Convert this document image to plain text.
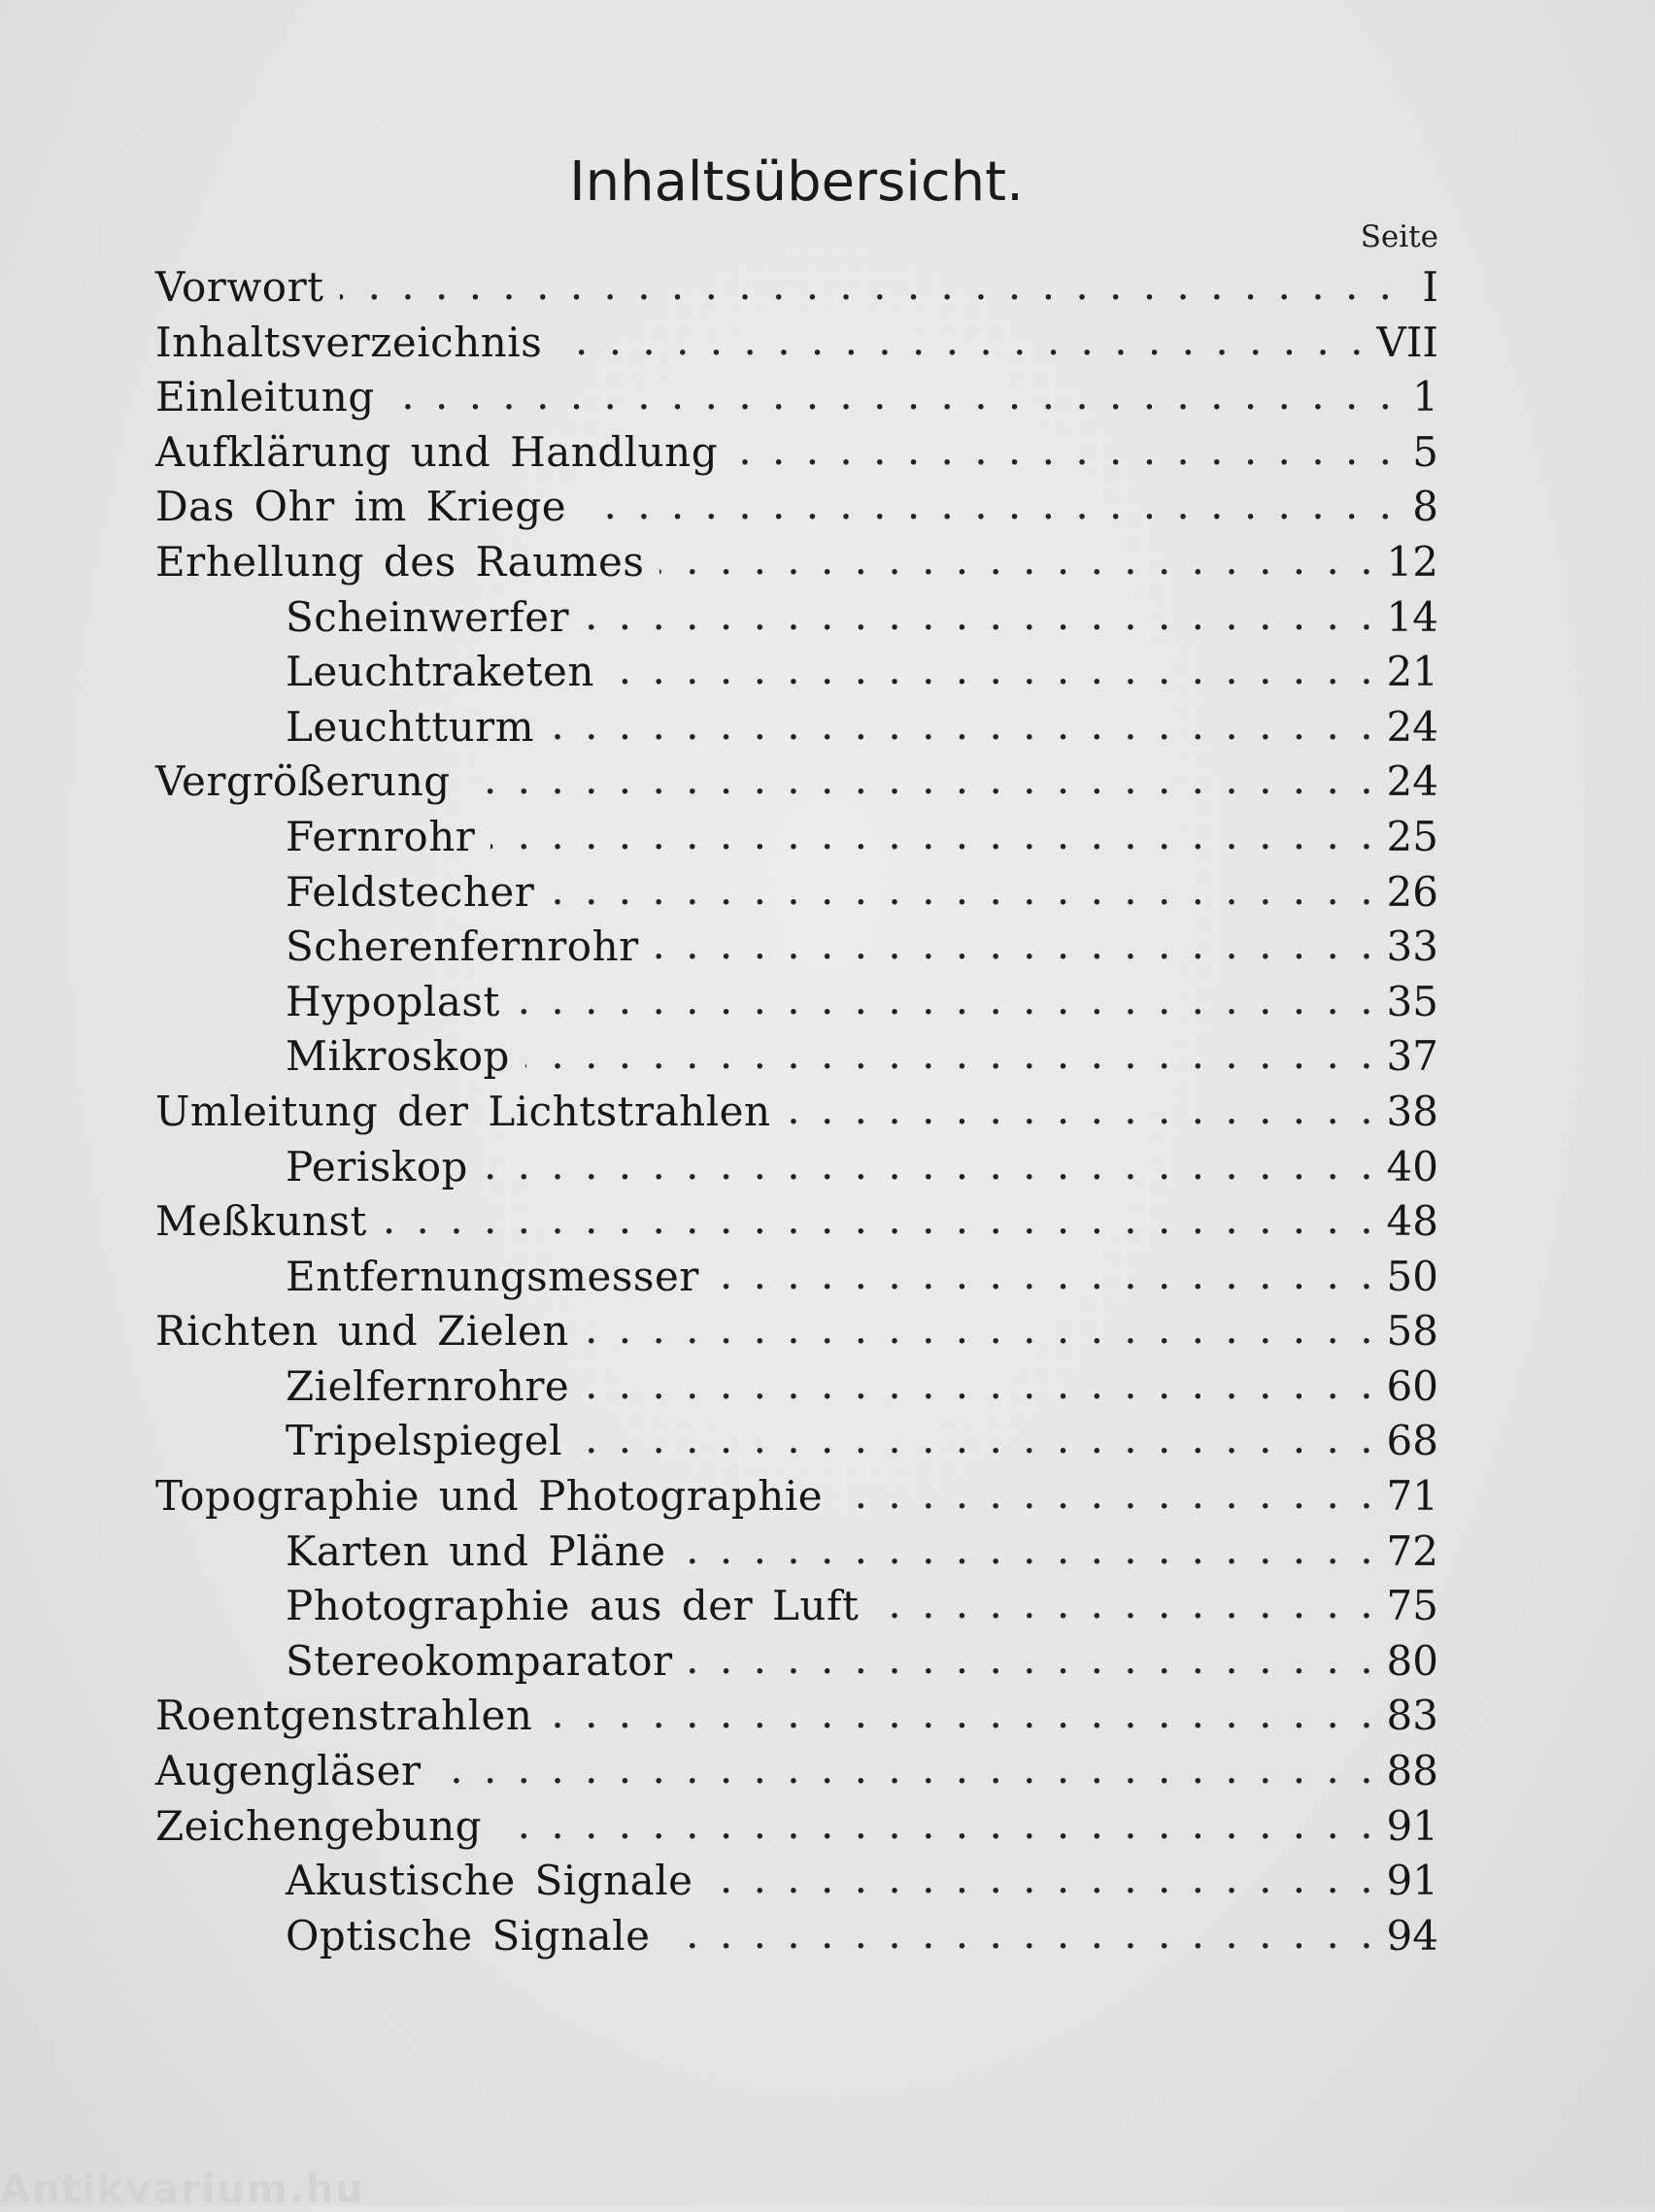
Inhaltsübersicht.
Seite
Vorwort . . .	I
Inhaltsverzeichnis . . .	VII
Einleitung . . .	1
Aufklärung und Handlung . . .	5
Das Ohr im Kriege . . .	8
Erhellung des Raumes . . .	12
Scheinwerfer . . .	14
Leuchtraketen . . .	21
Leuchtturm . . .	24
Vergrößerung . . .	24
Fernrohr . . .	25
Feldstecher . . .	26
Scherenfernrohr . . .	33
Hypoplast . . .	35
Mikroskop . . .	37
Umleitung der Lichtstrahlen . . .	38
Periskop . . .	40
Meßkunst . . .	48
Entfernungsmesser . . .	50
Richten und Zielen . . .	58
Zielfernrohre . . .	60
Tripelspiegel . . .	68
Topographie und Photographie . . .	71
Karten und Pläne . . .	72
Photographie aus der Luft . . .	75
Stereokomparator . . .	80
Roentgenstrahlen . . .	83
Augengläser . . .	88
Zeichengebung . . .	91
Akustische Signale . . .	91
Optische Signale . . .	94
Antikvarium.hu
